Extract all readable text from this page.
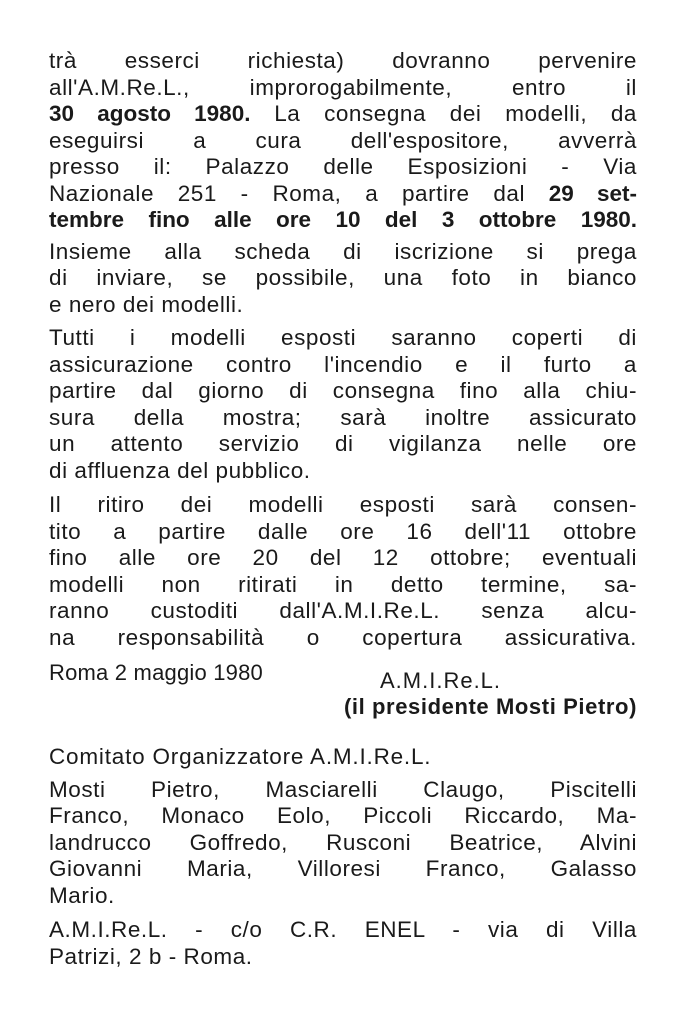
trà esserci richiesta) dovranno pervenire
all'A.M.Re.L., improrogabilmente, entro il
30 agosto 1980. La consegna dei modelli, da
eseguirsi a cura dell'espositore, avverrà
presso il: Palazzo delle Esposizioni - Via
Nazionale 251 - Roma, a partire dal 29 set-
tembre fino alle ore 10 del 3 ottobre 1980.
Insieme alla scheda di iscrizione si prega
di inviare, se possibile, una foto in bianco
e nero dei modelli.
Tutti i modelli esposti saranno coperti di
assicurazione contro l'incendio e il furto a
partire dal giorno di consegna fino alla chiu-
sura della mostra; sarà inoltre assicurato
un attento servizio di vigilanza nelle ore
di affluenza del pubblico.
Il ritiro dei modelli esposti sarà consen-
tito a partire dalle ore 16 dell'11 ottobre
fino alle ore 20 del 12 ottobre; eventuali
modelli non ritirati in detto termine, sa-
ranno custoditi dall'A.M.I.Re.L. senza alcu-
na responsabilità o copertura assicurativa.
Roma 2 maggio 1980	A.M.I.Re.L.
(il presidente Mosti Pietro)
Comitato Organizzatore A.M.I.Re.L.
Mosti Pietro, Masciarelli Claugo, Piscitelli
Franco, Monaco Eolo, Piccoli Riccardo, Ma-
landrucco Goffredo, Rusconi Beatrice, Alvini
Giovanni Maria, Villoresi Franco, Galasso
Mario.
A.M.I.Re.L. - c/o C.R. ENEL - via di Villa
Patrizi, 2 b - Roma.
